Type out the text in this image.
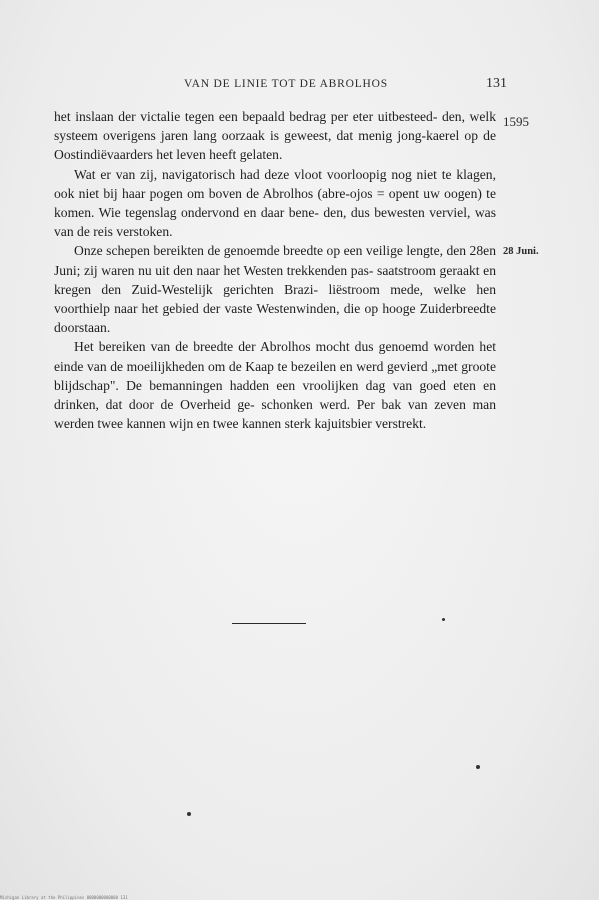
VAN DE LINIE TOT DE ABROLHOS	131
1595
28 Juni.

het inslaan der victalie tegen een bepaald bedrag per eter uitbesteed- den, welk systeem overigens jaren lang oorzaak is geweest, dat menig jong-kaerel op de Oostindiëvaarders het leven heeft gelaten.

Wat er van zij, navigatorisch had deze vloot voorloopig nog niet te klagen, ook niet bij haar pogen om boven de Abrolhos (abre-ojos = opent uw oogen) te komen. Wie tegenslag ondervond en daar bene- den, dus bewesten verviel, was van de reis verstoken.

Onze schepen bereikten de genoemde breedte op een veilige lengte, den 28en Juni; zij waren nu uit den naar het Westen trekkenden pas- saatstroom geraakt en kregen den Zuid-Westelijk gerichten Brazi- liëstroom mede, welke hen voorthielp naar het gebied der vaste Westenwinden, die op hooge Zuiderbreedte doorstaan.

Het bereiken van de breedte der Abrolhos mocht dus genoemd worden het einde van de moeilijkheden om de Kaap te bezeilen en werd gevierd „met groote blijdschap". De bemanningen hadden een vroolijken dag van goed eten en drinken, dat door de Overheid ge- schonken werd. Per bak van zeven man werden twee kannen wijn en twee kannen sterk kajuitsbier verstrekt.

Michigan Library at the Philippines 0000000000000 131
